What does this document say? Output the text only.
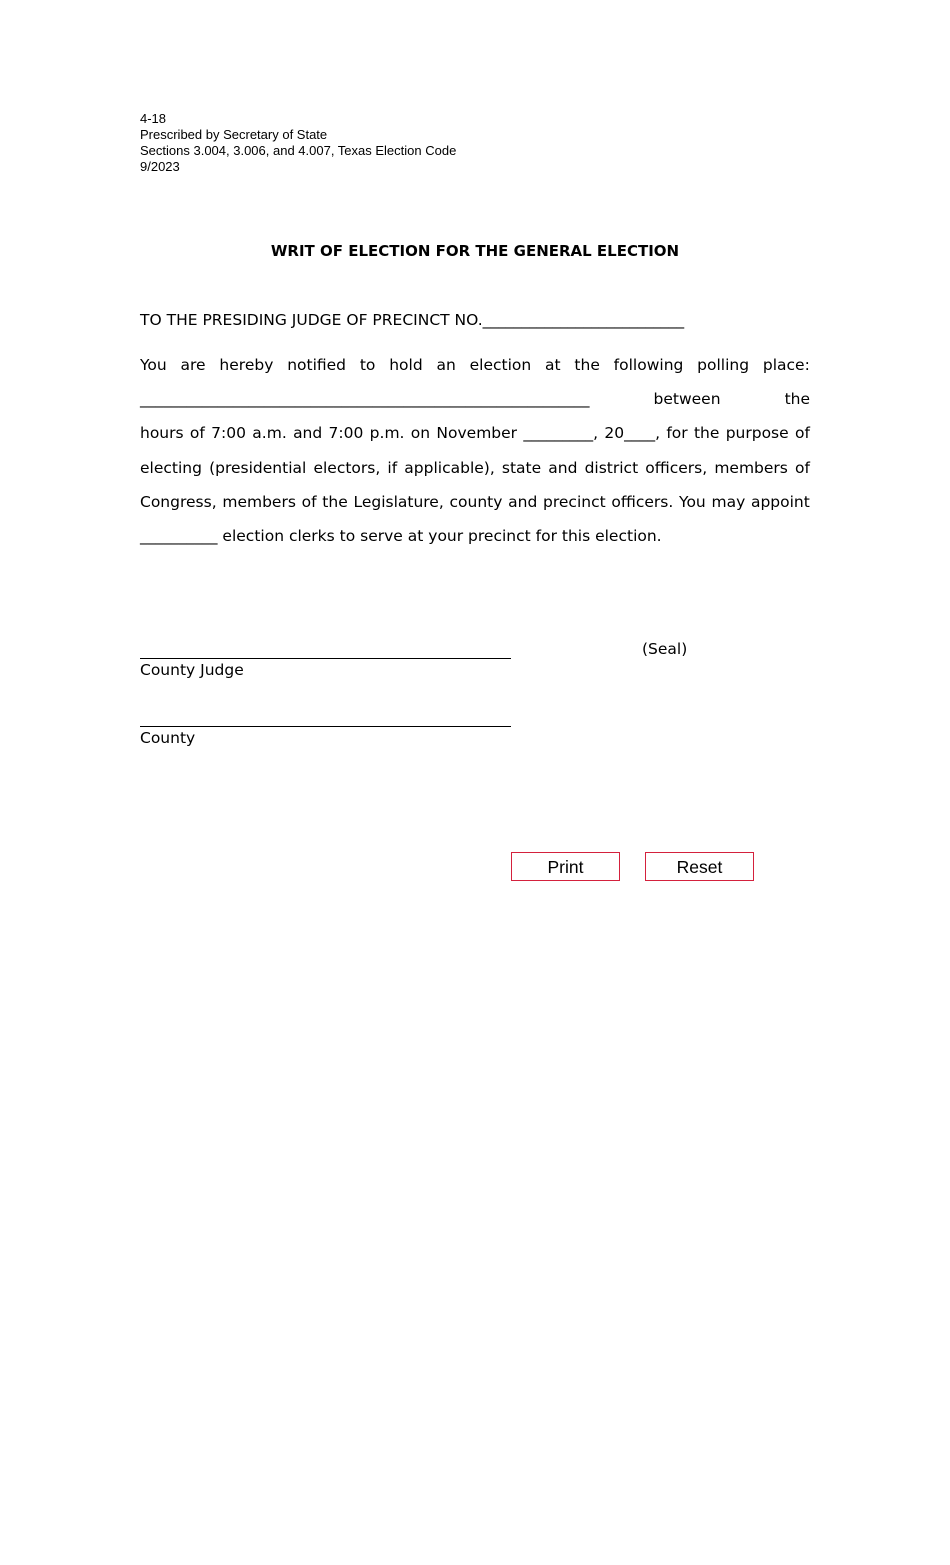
4-18
Prescribed by Secretary of State
Sections 3.004, 3.006, and 4.007, Texas Election Code
9/2023
WRIT OF ELECTION FOR THE GENERAL ELECTION
TO THE PRESIDING JUDGE OF PRECINCT NO.__________________________
You are hereby notified to hold an election at the following polling place:
__________________________________________________________	between	the
hours of 7:00 a.m. and 7:00 p.m. on November _________, 20____, for the purpose of
electing (presidential electors, if applicable), state and district officers, members of
Congress, members of the Legislature, county and precinct officers. You may appoint
__________ election clerks to serve at your precinct for this election.
County Judge
(Seal)
County
Print	Reset
